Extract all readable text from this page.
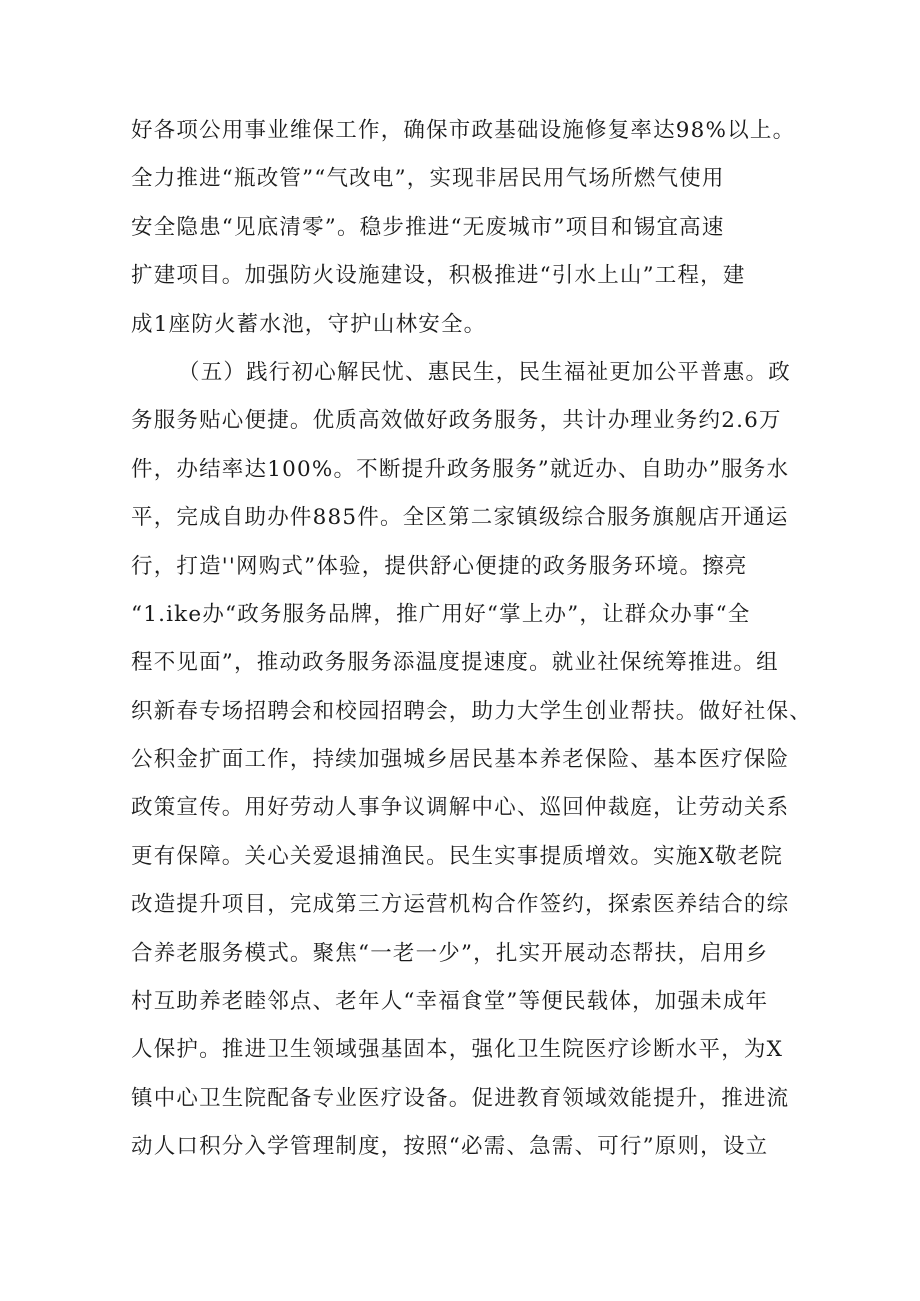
好各项公用事业维保工作，确保市政基础设施修复率达98%以上。
全力推进“瓶改管”“气改电”，实现非居民用气场所燃气使用
安全隐患“见底清零”。稳步推进“无废城市”项目和锡宜高速
扩建项目。加强防火设施建设，积极推进“引水上山”工程，建
成1座防火蓄水池，守护山林安全。
（五）践行初心解民忧、惠民生，民生福祉更加公平普惠。政
务服务贴心便捷。优质高效做好政务服务，共计办理业务约2.6万
件，办结率达100%。不断提升政务服务”就近办、自助办”服务水
平，完成自助办件885件。全区第二家镇级综合服务旗舰店开通运
行，打造''网购式”体验，提供舒心便捷的政务服务环境。擦亮
“1.ike办“政务服务品牌，推广用好“掌上办”，让群众办事“全
程不见面”，推动政务服务添温度提速度。就业社保统筹推进。组
织新春专场招聘会和校园招聘会，助力大学生创业帮扶。做好社保、
公积金扩面工作，持续加强城乡居民基本养老保险、基本医疗保险
政策宣传。用好劳动人事争议调解中心、巡回仲裁庭，让劳动关系
更有保障。关心关爱退捕渔民。民生实事提质增效。实施X敬老院
改造提升项目，完成第三方运营机构合作签约，探索医养结合的综
合养老服务模式。聚焦“一老一少”，扎实开展动态帮扶，启用乡
村互助养老睦邻点、老年人“幸福食堂”等便民载体，加强未成年
人保护。推进卫生领域强基固本，强化卫生院医疗诊断水平，为X
镇中心卫生院配备专业医疗设备。促进教育领域效能提升，推进流
动人口积分入学管理制度，按照“必需、急需、可行”原则，设立
